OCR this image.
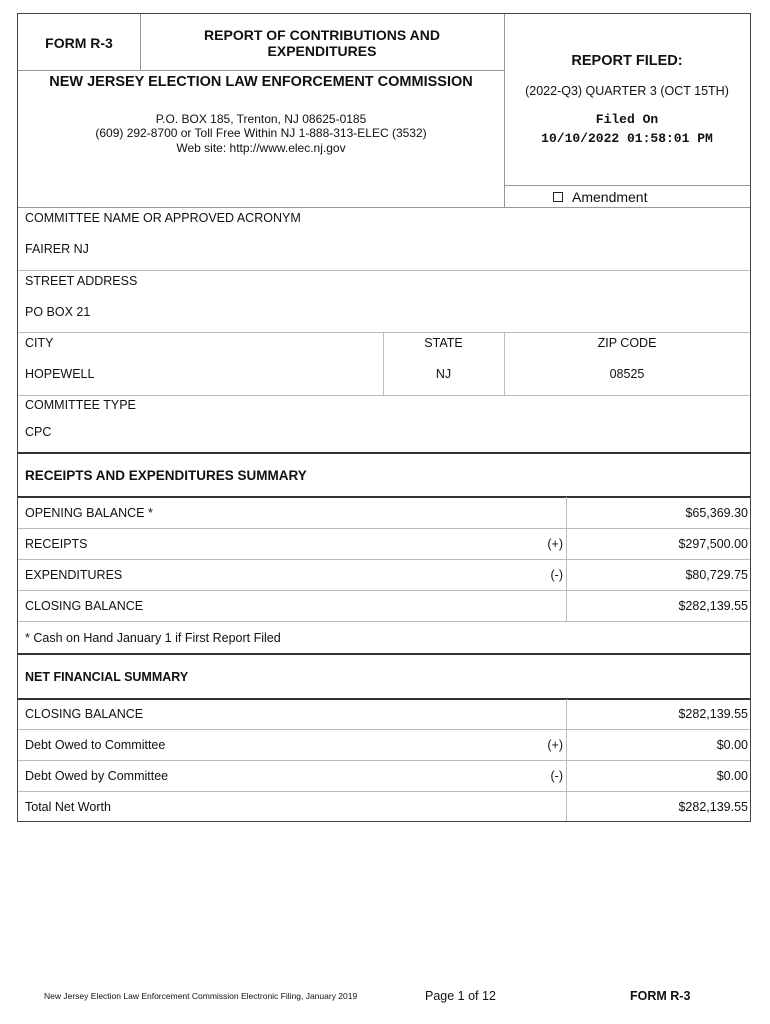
FORM R-3	REPORT OF CONTRIBUTIONS AND
EXPENDITURES
NEW JERSEY ELECTION LAW ENFORCEMENT COMMISSION
P.O. BOX 185, Trenton, NJ 08625-0185
(609) 292-8700 or Toll Free Within NJ 1-888-313-ELEC (3532)
Web site: http://www.elec.nj.gov
REPORT FILED:
(2022-Q3) QUARTER 3 (OCT 15TH)
Filed On
10/10/2022 01:58:01 PM
Amendment
COMMITTEE NAME OR APPROVED ACRONYM
FAIRER NJ
STREET ADDRESS
PO BOX 21
CITY	STATE	ZIP CODE
HOPEWELL	NJ	08525
COMMITTEE TYPE
CPC
RECEIPTS AND EXPENDITURES SUMMARY
OPENING BALANCE *	$65,369.30
RECEIPTS	(+)	$297,500.00
EXPENDITURES	(-)	$80,729.75
CLOSING BALANCE	$282,139.55
* Cash on Hand January 1 if First Report Filed
NET FINANCIAL SUMMARY
CLOSING BALANCE	$282,139.55
Debt Owed to Committee	(+)	$0.00
Debt Owed by Committee	(-)	$0.00
Total Net Worth	$282,139.55
New Jersey Election Law Enforcement Commission Electronic Filing, January 2019	Page 1 of 12	FORM R-3
